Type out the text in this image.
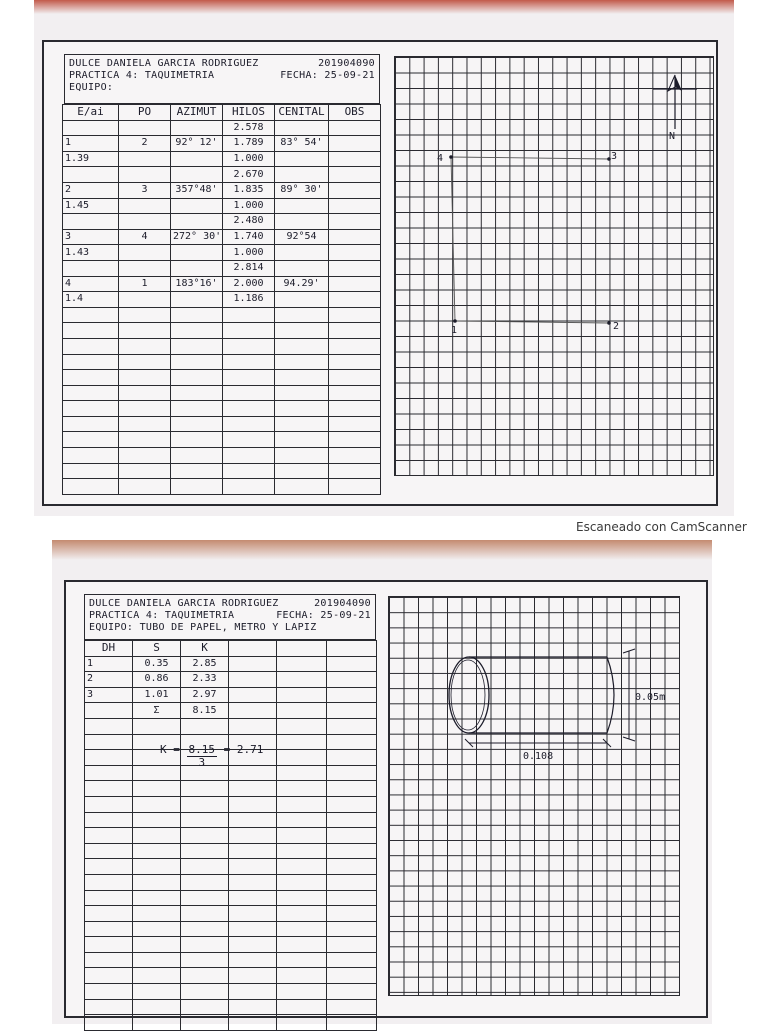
DULCE DANIELA GARCIA RODRIGUEZ	201904090
PRACTICA 4: TAQUIMETRIA	FECHA: 25-09-21
EQUIPO:
E/ai	PO	AZIMUT	HILOS	CENITAL	OBS
			2.578		
1	2	92° 12'	1.789	83° 54'	
1.39			1.000		
			2.670		
2	3	357°48'	1.835	89° 30'	
1.45			1.000		
			2.480		
3	4	272° 30'	1.740	92°54	
1.43			1.000		
			2.814		
4	1	183°16'	2.000	94.29'	
1.4			1.186		

N
4	3
1	2
Escaneado con CamScanner
DULCE DANIELA GARCIA RODRIGUEZ	201904090
PRACTICA 4: TAQUIMETRIA	FECHA: 25-09-21
EQUIPO: TUBO DE PAPEL, METRO Y LAPIZ
DH	S	K			
1	0.35	2.85			
2	0.86	2.33			
3	1.01	2.97			
	Σ	8.15			

$K = \frac{8.15}{3} = 2.71$
0.05m
0.108
